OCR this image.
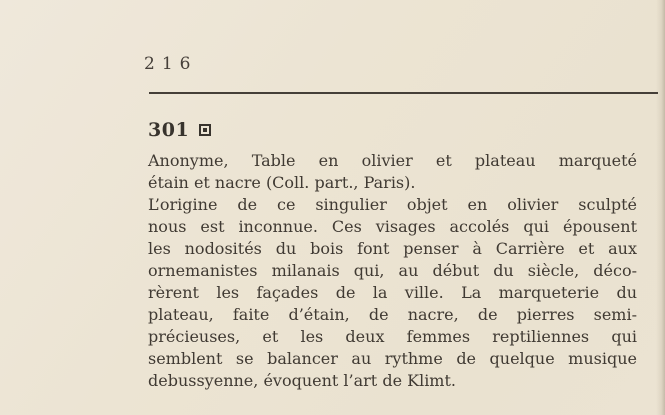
216
301
Anonyme, Table en olivier et plateau marqueté
étain et nacre (Coll. part., Paris).
L’origine de ce singulier objet en olivier sculpté
nous est inconnue. Ces visages accolés qui épousent
les nodosités du bois font penser à Carrière et aux
ornemanistes milanais qui, au début du siècle, déco-
rèrent les façades de la ville. La marqueterie du
plateau, faite d’étain, de nacre, de pierres semi-
précieuses, et les deux femmes reptiliennes qui
semblent se balancer au rythme de quelque musique
debussyenne, évoquent l’art de Klimt.
